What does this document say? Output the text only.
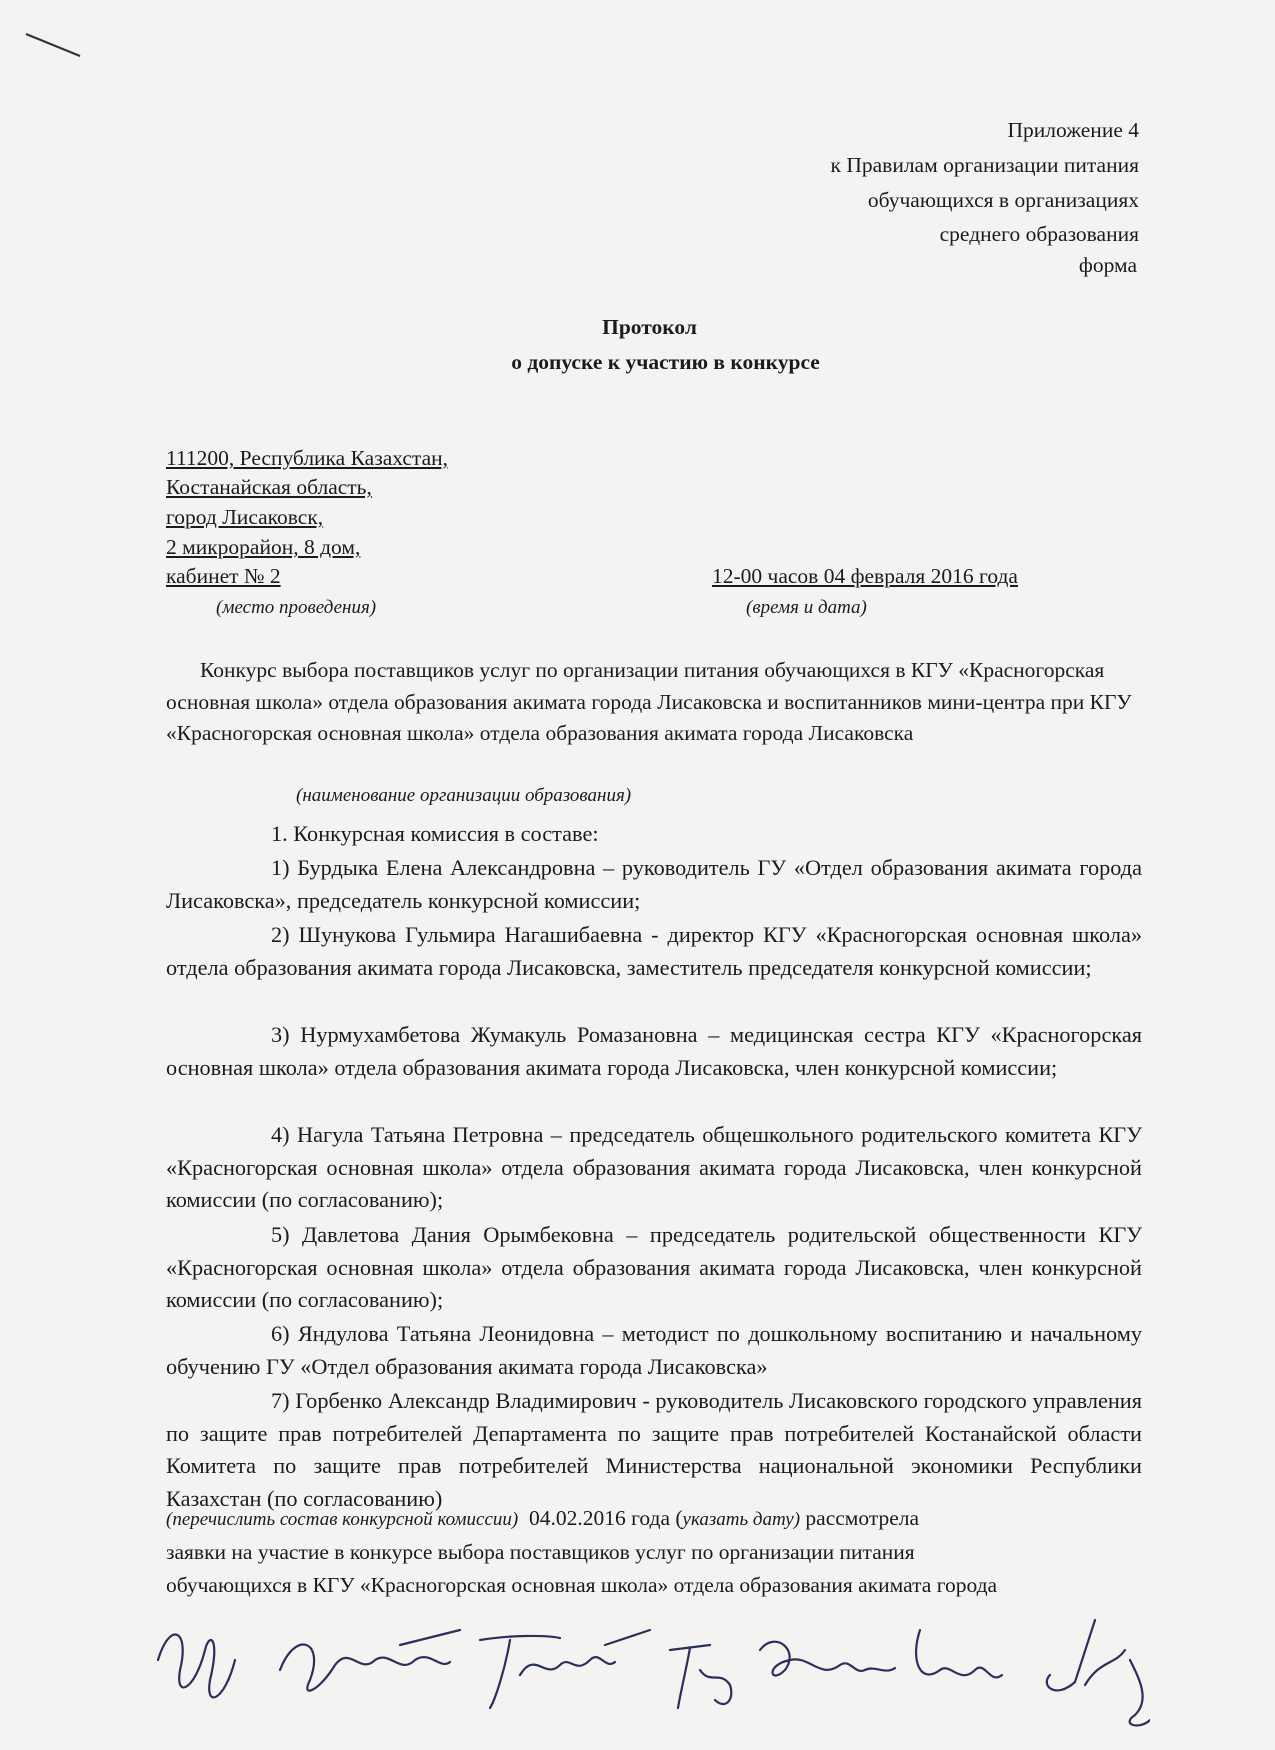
Приложение 4
к Правилам организации питания
обучающихся в организациях
среднего образования
форма
Протокол
о допуске к участию в конкурсе
111200, Республика Казахстан,
Костанайская область,
город Лисаковск,
2 микрорайон, 8 дом,
кабинет № 2	12-00 часов 04 февраля 2016 года
(место проведения)	(время и дата)
Конкурс выбора поставщиков услуг по организации питания обучающихся в КГУ «Красногорская основная школа» отдела образования акимата города Лисаковска и воспитанников мини-центра при КГУ «Красногорская основная школа» отдела образования акимата города Лисаковска
(наименование организации образования)
1. Конкурсная комиссия в составе:
1) Бурдыка Елена Александровна – руководитель ГУ «Отдел образования акимата города Лисаковска», председатель конкурсной комиссии;
2) Шунукова Гульмира Нагашибаевна - директор КГУ «Красногорская основная школа» отдела образования акимата города Лисаковска, заместитель председателя конкурсной комиссии;
3) Нурмухамбетова Жумакуль Ромазановна – медицинская сестра КГУ «Красногорская основная школа» отдела образования акимата города Лисаковска, член конкурсной комиссии;
4) Нагула Татьяна Петровна – председатель общешкольного родительского комитета КГУ «Красногорская основная школа» отдела образования акимата города Лисаковска, член конкурсной комиссии (по согласованию);
5) Давлетова Дания Орымбековна – председатель родительской общественности КГУ «Красногорская основная школа» отдела образования акимата города Лисаковска, член конкурсной комиссии (по согласованию);
6) Яндулова Татьяна Леонидовна – методист по дошкольному воспитанию и начальному обучению ГУ «Отдел образования акимата города Лисаковска»
7) Горбенко Александр Владимирович - руководитель Лисаковского городского управления по защите прав потребителей Департамента по защите прав потребителей Костанайской области Комитета по защите прав потребителей Министерства национальной экономики Республики Казахстан (по согласованию)
(перечислить состав конкурсной комиссии) 04.02.2016 года (указать дату) рассмотрела
заявки на участие в конкурсе выбора поставщиков услуг по организации питания
обучающихся в КГУ «Красногорская основная школа» отдела образования акимата города
